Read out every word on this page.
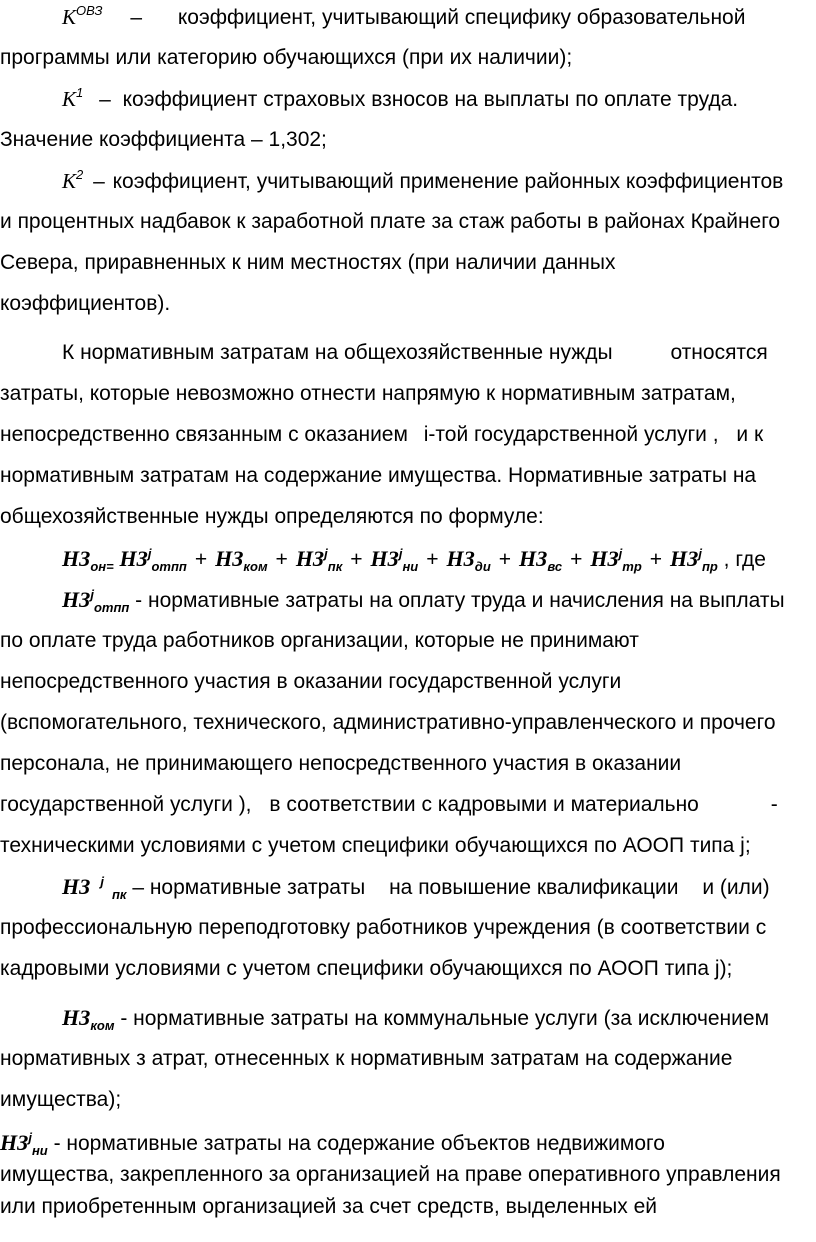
$K^{ОВЗ}$ – коэффициент, учитывающий специфику образовательной
программы или категорию обучающихся (при их наличии);
$K^1$ – коэффициент страховых взносов на выплаты по оплате труда.
Значение коэффициента – 1,302;
$K^2$ – коэффициент, учитывающий применение районных коэффициентов
и процентных надбавок к заработной плате за стаж работы в районах Крайнего
Севера, приравненных к ним местностях (при наличии данных
коэффициентов).
К нормативным затратам на общехозяйственные нужды	относятся
затраты, которые невозможно отнести напрямую к нормативным затратам,
непосредственно связанным с оказанием i-той государственной услуги , и к
нормативным затратам на содержание имущества. Нормативные затраты на
общехозяйственные нужды определяются по формуле:
$НЗ_{он=}$ $НЗ^j_{отпп} + НЗ_{ком} + НЗ^j_{пк} + НЗ^j_{ни} + НЗ_{ди} + НЗ_{вс} + НЗ^j_{тр} + НЗ^j_{пр}$ , где
$НЗ^j_{отпп}$ - нормативные затраты на оплату труда и начисления на выплаты
по оплате труда работников организации, которые не принимают
непосредственного участия в оказании государственной услуги
(вспомогательного, технического, административно-управленческого и прочего
персонала, не принимающего непосредственного участия в оказании
государственной услуги ), в соответствии с кадровыми и материально	-
техническими условиями с учетом специфики обучающихся по АООП типа j;
НЗ $^j_{пк}$ – нормативные затраты на повышение квалификации и (или)
профессиональную переподготовку работников учреждения (в соответствии с
кадровыми условиями с учетом специфики обучающихся по АООП типа j);
$НЗ_{ком}$ - нормативные затраты на коммунальные услуги (за исключением
нормативных з атрат, отнесенных к нормативным затратам на содержание
имущества);
$НЗ^j_{ни}$ - нормативные затраты на содержание объектов недвижимого
имущества, закрепленного за организацией на праве оперативного управления
или приобретенным организацией за счет средств, выделенных ей
